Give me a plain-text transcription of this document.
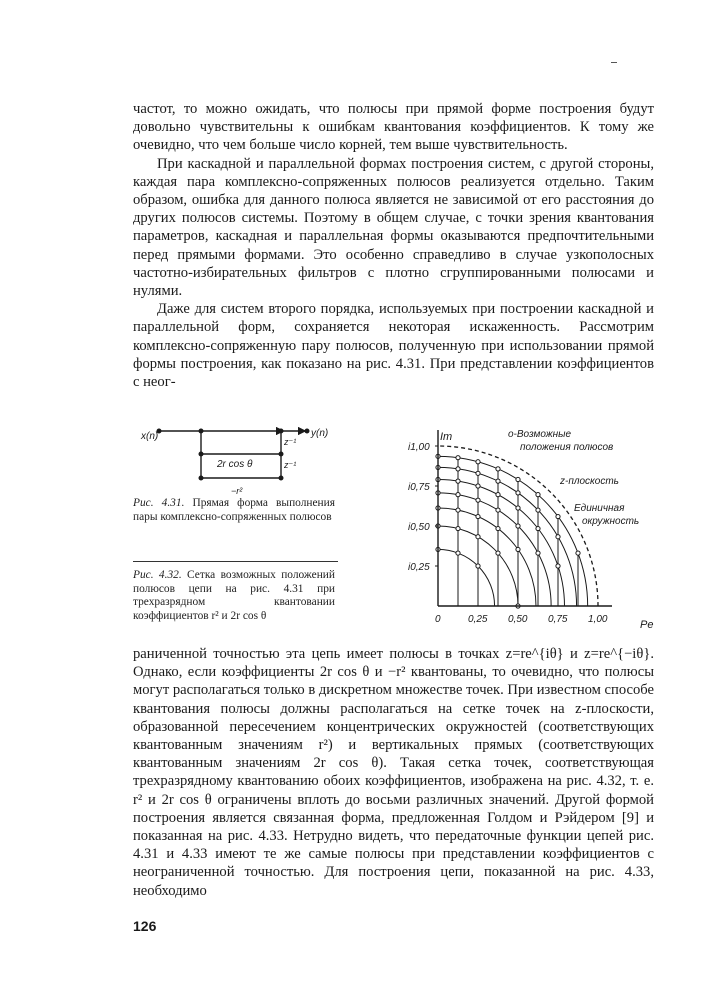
частот, то можно ожидать, что полюсы при прямой форме построения будут довольно чувствительны к ошибкам квантования коэффициентов. К тому же очевидно, что чем больше число корней, тем выше чувствительность.

При каскадной и параллельной формах построения систем, с другой стороны, каждая пара комплексно-сопряженных полюсов реализуется отдельно. Таким образом, ошибка для данного полюса является не зависимой от его расстояния до других полюсов системы. Поэтому в общем случае, с точки зрения квантования параметров, каскадная и параллельная формы оказываются предпочтительными перед прямыми формами. Это особенно справедливо в случае узкополосных частотно-избирательных фильтров с плотно сгруппированными полюсами и нулями.

Даже для систем второго порядка, используемых при построении каскадной и параллельной форм, сохраняется некоторая искаженность. Рассмотрим комплексно-сопряженную пару полюсов, полученную при использовании прямой формы построения, как показано на рис. 4.31. При представлении коэффициентов с неог-

x(n)	y(n)
z⁻¹
z⁻¹
2r cos θ
−r²
Рис. 4.31. Прямая форма выполнения пары комплексно-сопряженных полюсов
Рис. 4.32. Сетка возможных положений полюсов цепи на рис. 4.31 при трехразрядном квантовании коэффициентов r² и 2r cos θ	0	0,25 0,50 0,75 1,00
i0,25
i0,50
i0,75
i1,00
Im
Pe
о-Возможные
положения полюсов
z-плоскость
Единичная
окружность

раниченной точностью эта цепь имеет полюсы в точках z=re^{iθ} и z=re^{−iθ}. Однако, если коэффициенты 2r cos θ и −r² квантованы, то очевидно, что полюсы могут располагаться только в дискретном множестве точек. При известном способе квантования полюсы должны располагаться на сетке точек на z-плоскости, образованной пересечением концентрических окружностей (соответствующих квантованным значениям r²) и вертикальных прямых (соответствующих квантованным значениям 2r cos θ). Такая сетка точек, соответствующая трехразрядному квантованию обоих коэффициентов, изображена на рис. 4.32, т. е. r² и 2r cos θ ограничены вплоть до восьми различных значений. Другой формой построения является связанная форма, предложенная Голдом и Рэйдером [9] и показанная на рис. 4.33. Нетрудно видеть, что передаточные функции цепей рис. 4.31 и 4.33 имеют те же самые полюсы при представлении коэффициентов с неограниченной точностью. Для построения цепи, показанной на рис. 4.33, необходимо

126
